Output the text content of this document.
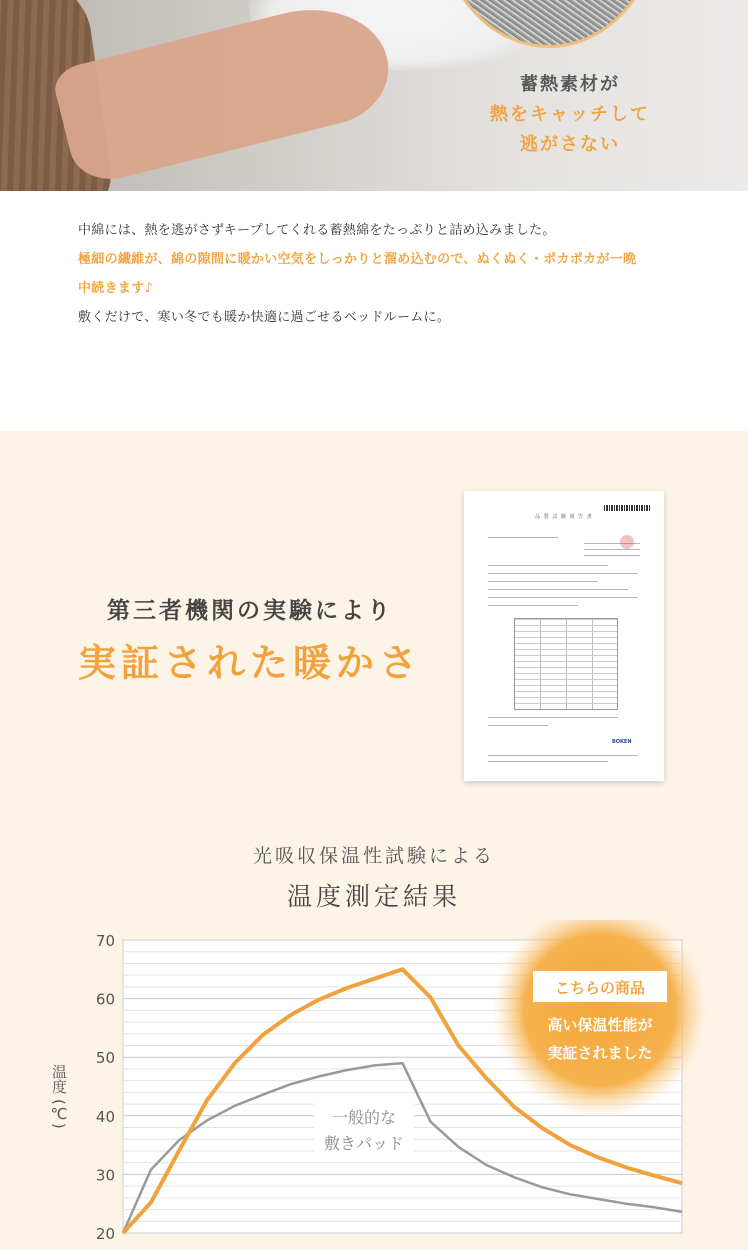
蓄熱素材が
熱をキャッチして
逃がさない

中綿には、熱を逃がさずキープしてくれる蓄熱綿をたっぷりと詰め込みました。

極細の繊維が、綿の隙間に暖かい空気をしっかりと溜め込むので、ぬくぬく・ポカポカが一晩

中続きます♪

敷くだけで、寒い冬でも暖か快適に過ごせるベッドルームに。

第三者機関の実験により
実証された暖かさ
品 質 試 験 報 告 書
BOKEN
光吸収保温性試験による
温度測定結果
温度 (℃)
20
30
40
50
60
70
こちらの商品
高い保温性能が
実証されました
一般的な
敷きパッド
